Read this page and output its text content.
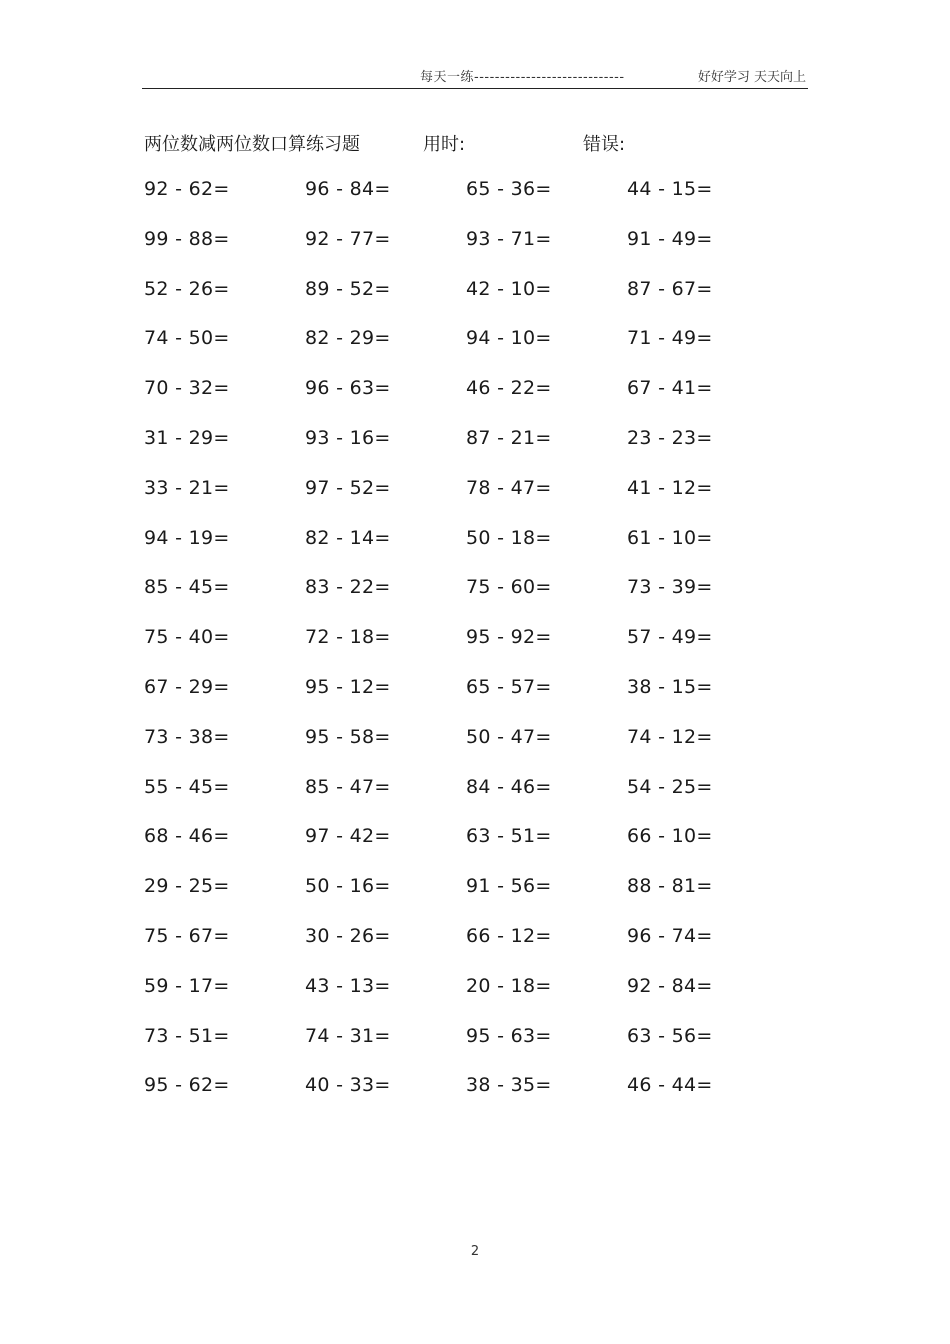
每天一练-----------------------------	好好学习 天天向上
两位数减两位数口算练习题	用时:	错误:
92 - 62=	96 - 84=	65 - 36=	44 - 15=
99 - 88=	92 - 77=	93 - 71=	91 - 49=
52 - 26=	89 - 52=	42 - 10=	87 - 67=
74 - 50=	82 - 29=	94 - 10=	71 - 49=
70 - 32=	96 - 63=	46 - 22=	67 - 41=
31 - 29=	93 - 16=	87 - 21=	23 - 23=
33 - 21=	97 - 52=	78 - 47=	41 - 12=
94 - 19=	82 - 14=	50 - 18=	61 - 10=
85 - 45=	83 - 22=	75 - 60=	73 - 39=
75 - 40=	72 - 18=	95 - 92=	57 - 49=
67 - 29=	95 - 12=	65 - 57=	38 - 15=
73 - 38=	95 - 58=	50 - 47=	74 - 12=
55 - 45=	85 - 47=	84 - 46=	54 - 25=
68 - 46=	97 - 42=	63 - 51=	66 - 10=
29 - 25=	50 - 16=	91 - 56=	88 - 81=
75 - 67=	30 - 26=	66 - 12=	96 - 74=
59 - 17=	43 - 13=	20 - 18=	92 - 84=
73 - 51=	74 - 31=	95 - 63=	63 - 56=
95 - 62=	40 - 33=	38 - 35=	46 - 44=
2
